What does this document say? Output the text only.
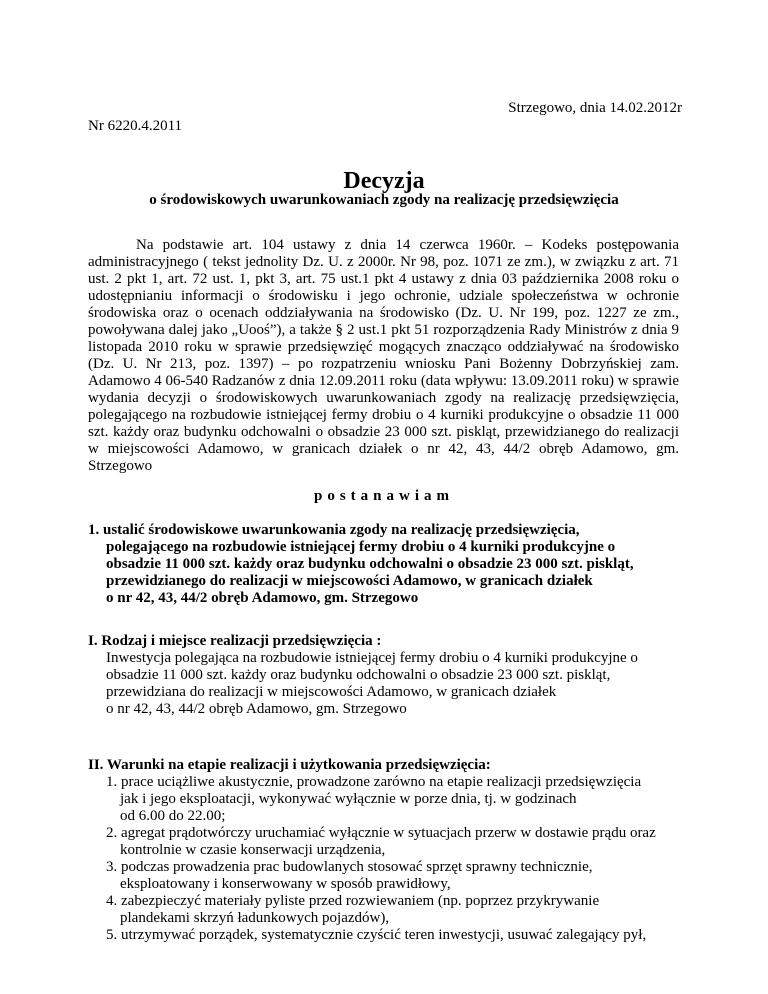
Strzegowo, dnia 14.02.2012r
Nr 6220.4.2011
Decyzja
o środowiskowych uwarunkowaniach zgody na realizację przedsięwzięcia
Na podstawie art. 104 ustawy z dnia 14 czerwca 1960r. – Kodeks postępowania administracyjnego ( tekst jednolity Dz. U. z 2000r. Nr 98, poz. 1071 ze zm.), w związku z art. 71 ust. 2 pkt 1, art. 72 ust. 1, pkt 3, art. 75 ust.1 pkt 4 ustawy z dnia 03 października 2008 roku o udostępnianiu informacji o środowisku i jego ochronie, udziale społeczeństwa w ochronie środowiska oraz o ocenach oddziaływania na środowisko (Dz. U. Nr 199, poz. 1227 ze zm., powoływana dalej jako „Uooś”), a także § 2 ust.1 pkt 51 rozporządzenia Rady Ministrów z dnia 9 listopada 2010 roku w sprawie przedsięwzięć mogących znacząco oddziaływać na środowisko (Dz. U. Nr 213, poz. 1397) – po rozpatrzeniu wniosku Pani Bożenny Dobrzyńskiej zam. Adamowo 4 06-540 Radzanów z dnia 12.09.2011 roku (data wpływu: 13.09.2011 roku) w sprawie wydania decyzji o środowiskowych uwarunkowaniach zgody na realizację przedsięwzięcia, polegającego na rozbudowie istniejącej fermy drobiu o 4 kurniki produkcyjne o obsadzie 11 000 szt. każdy oraz budynku odchowalni o obsadzie 23 000 szt. piskląt, przewidzianego do realizacji w miejscowości Adamowo, w granicach działek o nr 42, 43, 44/2 obręb Adamowo, gm. Strzegowo
postanawiam
1. ustalić środowiskowe uwarunkowania zgody na realizację przedsięwzięcia,
polegającego na rozbudowie istniejącej fermy drobiu o 4 kurniki produkcyjne o
obsadzie 11 000 szt. każdy oraz budynku odchowalni o obsadzie 23 000 szt. piskląt,
przewidzianego do realizacji w miejscowości Adamowo, w granicach działek
o nr 42, 43, 44/2 obręb Adamowo, gm. Strzegowo
I. Rodzaj i miejsce realizacji przedsięwzięcia :
Inwestycja polegająca na rozbudowie istniejącej fermy drobiu o 4 kurniki produkcyjne o
obsadzie 11 000 szt. każdy oraz budynku odchowalni o obsadzie 23 000 szt. piskląt,
przewidziana do realizacji w miejscowości Adamowo, w granicach działek
o nr 42, 43, 44/2 obręb Adamowo, gm. Strzegowo
II. Warunki na etapie realizacji i użytkowania przedsięwzięcia:
1. prace uciążliwe akustycznie, prowadzone zarówno na etapie realizacji przedsięwzięcia
jak i jego eksploatacji, wykonywać wyłącznie w porze dnia, tj. w godzinach
od 6.00 do 22.00;
2. agregat prądotwórczy uruchamiać wyłącznie w sytuacjach przerw w dostawie prądu oraz
kontrolnie w czasie konserwacji urządzenia,
3. podczas prowadzenia prac budowlanych stosować sprzęt sprawny technicznie,
eksploatowany i konserwowany w sposób prawidłowy,
4. zabezpieczyć materiały pyliste przed rozwiewaniem (np. poprzez przykrywanie
plandekami skrzyń ładunkowych pojazdów),
5. utrzymywać porządek, systematycznie czyścić teren inwestycji, usuwać zalegający pył,
